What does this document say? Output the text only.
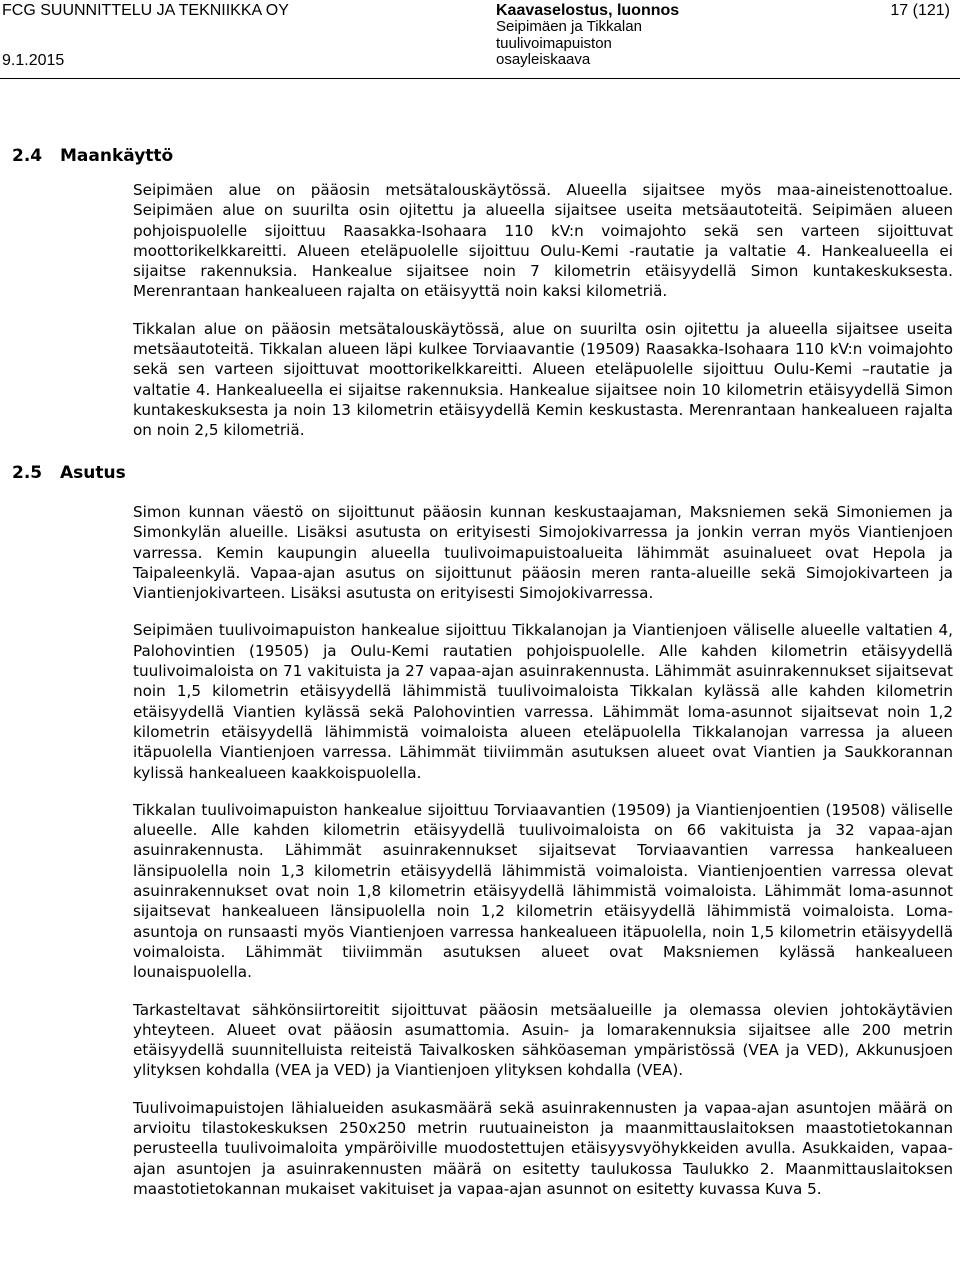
FCG SUUNNITTELU JA TEKNIIKKA OY
9.1.2015
Kaavaselostus, luonnos
Seipimäen ja Tikkalan
tuulivoimapuiston
osayleiskaava
17 (121)
2.4 Maankäyttö

Seipimäen alue on pääosin metsätalouskäytössä. Alueella sijaitsee myös maa-aineistenottoalue. Seipimäen alue on suurilta osin ojitettu ja alueella sijaitsee useita metsäautoteitä. Seipimäen alueen pohjoispuolelle sijoittuu Raasakka-Isohaara 110 kV:n voimajohto sekä sen varteen sijoittuvat moottorikelkkareitti. Alueen eteläpuolelle sijoittuu Oulu-Kemi -rautatie ja valtatie 4. Hankealueella ei sijaitse rakennuksia. Hankealue sijaitsee noin 7 kilometrin etäisyydellä Simon kuntakeskuksesta. Merenrantaan hankealueen rajalta on etäisyyttä noin kaksi kilometriä.

Tikkalan alue on pääosin metsätalouskäytössä, alue on suurilta osin ojitettu ja alueella sijaitsee useita metsäautoteitä. Tikkalan alueen läpi kulkee Torviaavantie (19509) Raasakka-Isohaara 110 kV:n voimajohto sekä sen varteen sijoittuvat moottorikelkkareitti. Alueen eteläpuolelle sijoittuu Oulu-Kemi –rautatie ja valtatie 4. Hankealueella ei sijaitse rakennuksia. Hankealue sijaitsee noin 10 kilometrin etäisyydellä Simon kuntakeskuksesta ja noin 13 kilometrin etäisyydellä Kemin keskustasta. Merenrantaan hankealueen rajalta on noin 2,5 kilometriä.

2.5 Asutus

Simon kunnan väestö on sijoittunut pääosin kunnan keskustaajaman, Maksniemen sekä Simoniemen ja Simonkylän alueille. Lisäksi asutusta on erityisesti Simojokivarressa ja jonkin verran myös Viantienjoen varressa. Kemin kaupungin alueella tuulivoimapuistoalueita lähimmät asuinalueet ovat Hepola ja Taipaleenkylä. Vapaa-ajan asutus on sijoittunut pääosin meren ranta-alueille sekä Simojokivarteen ja Viantienjokivarteen. Lisäksi asutusta on erityisesti Simojokivarressa.

Seipimäen tuulivoimapuiston hankealue sijoittuu Tikkalanojan ja Viantienjoen väliselle alueelle valtatien 4, Palohovintien (19505) ja Oulu-Kemi rautatien pohjoispuolelle. Alle kahden kilometrin etäisyydellä tuulivoimaloista on 71 vakituista ja 27 vapaa-ajan asuinrakennusta. Lähimmät asuinrakennukset sijaitsevat noin 1,5 kilometrin etäisyydellä lähimmistä tuulivoimaloista Tikkalan kylässä alle kahden kilometrin etäisyydellä Viantien kylässä sekä Palohovintien varressa. Lähimmät loma-asunnot sijaitsevat noin 1,2 kilometrin etäisyydellä lähimmistä voimaloista alueen eteläpuolella Tikkalanojan varressa ja alueen itäpuolella Viantienjoen varressa. Lähimmät tiiviimmän asutuksen alueet ovat Viantien ja Saukkorannan kylissä hankealueen kaakkoispuolella.

Tikkalan tuulivoimapuiston hankealue sijoittuu Torviaavantien (19509) ja Viantienjoentien (19508) väliselle alueelle. Alle kahden kilometrin etäisyydellä tuulivoimaloista on 66 vakituista ja 32 vapaa-ajan asuinrakennusta. Lähimmät asuinrakennukset sijaitsevat Torviaavantien varressa hankealueen länsipuolella noin 1,3 kilometrin etäisyydellä lähimmistä voimaloista. Viantienjoentien varressa olevat asuinrakennukset ovat noin 1,8 kilometrin etäisyydellä lähimmistä voimaloista. Lähimmät loma-asunnot sijaitsevat hankealueen länsipuolella noin 1,2 kilometrin etäisyydellä lähimmistä voimaloista. Loma-asuntoja on runsaasti myös Viantienjoen varressa hankealueen itäpuolella, noin 1,5 kilometrin etäisyydellä voimaloista. Lähimmät tiiviimmän asutuksen alueet ovat Maksniemen kylässä hankealueen lounaispuolella.

Tarkasteltavat sähkönsiirtoreitit sijoittuvat pääosin metsäalueille ja olemassa olevien johtokäytävien yhteyteen. Alueet ovat pääosin asumattomia. Asuin- ja lomarakennuksia sijaitsee alle 200 metrin etäisyydellä suunnitelluista reiteistä Taivalkosken sähköaseman ympäristössä (VEA ja VED), Akkunusjoen ylityksen kohdalla (VEA ja VED) ja Viantienjoen ylityksen kohdalla (VEA).

Tuulivoimapuistojen lähialueiden asukasmäärä sekä asuinrakennusten ja vapaa-ajan asuntojen määrä on arvioitu tilastokeskuksen 250x250 metrin ruutuaineiston ja maanmittauslaitoksen maastotietokannan perusteella tuulivoimaloita ympäröiville muodostettujen etäisyysvyöhykkeiden avulla. Asukkaiden, vapaa-ajan asuntojen ja asuinrakennusten määrä on esitetty taulukossa Taulukko 2. Maanmittauslaitoksen maastotietokannan mukaiset vakituiset ja vapaa-ajan asunnot on esitetty kuvassa Kuva 5.
